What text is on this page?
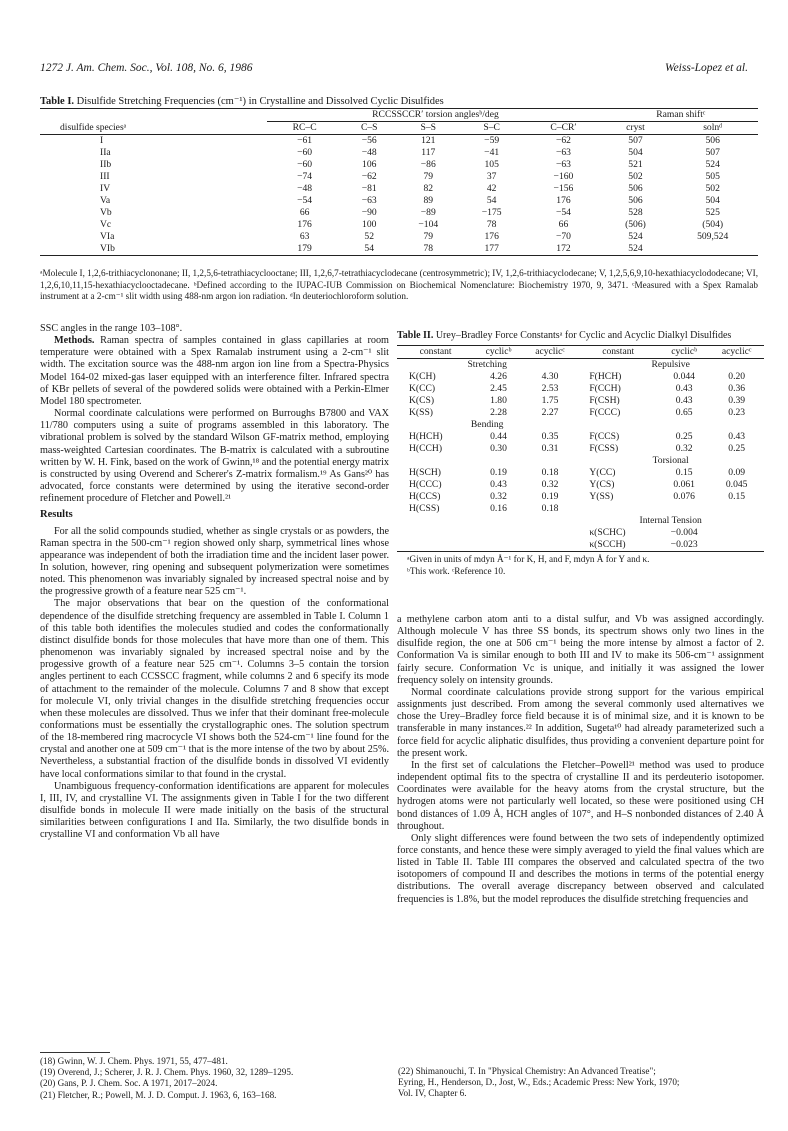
1272 J. Am. Chem. Soc., Vol. 108, No. 6, 1986	Weiss-Lopez et al.
Table I. Disulfide Stretching Frequencies (cm⁻¹) in Crystalline and Dissolved Cyclic Disulfides
	RCCSSCCR′ torsion anglesᵇ/deg					Raman shiftᶜ	
disulfide speciesᵃ	RC–C	C–S	S–S	S–C	C–CR′	cryst	solnᵈ
I	−61	−56	121	−59	−62	507	506
IIa	−60	−48	117	−41	−63	504	507
IIb	−60	106	−86	105	−63	521	524
III	−74	−62	79	37	−160	502	505
IV	−48	−81	82	42	−156	506	502
Va	−54	−63	89	54	176	506	504
Vb	66	−90	−89	−175	−54	528	525
Vc	176	100	−104	78	66	(506)	(504)
VIa	63	52	79	176	−70	524	509,524
VIb	179	54	78	177	172	524	
ᵃMolecule I, 1,2,6-trithiacyclononane; II, 1,2,5,6-tetrathiacyclooctane; III, 1,2,6,7-tetrathiacyclodecane (centrosymmetric); IV, 1,2,6-trithiacyclodecane; V, 1,2,5,6,9,10-hexathiacyclododecane; VI, 1,2,6,10,11,15-hexathiacyclooctadecane. ᵇDefined according to the IUPAC-IUB Commission on Biochemical Nomenclature: Biochemistry 1970, 9, 3471. ᶜMeasured with a Spex Ramalab instrument at a 2-cm⁻¹ slit width using 488-nm argon ion radiation. ᵈIn deuteriochloroform solution.

SSC angles in the range 103–108°.

Methods. Raman spectra of samples contained in glass capillaries at room temperature were obtained with a Spex Ramalab instrument using a 2-cm⁻¹ slit width. The excitation source was the 488-nm argon ion line from a Spectra-Physics Model 164-02 mixed-gas laser equipped with an interference filter. Infrared spectra of KBr pellets of several of the powdered solids were obtained with a Perkin-Elmer Model 180 spectrometer.

Normal coordinate calculations were performed on Burroughs B7800 and VAX 11/780 computers using a suite of programs assembled in this laboratory. The vibrational problem is solved by the standard Wilson GF-matrix method, employing mass-weighted Cartesian coordinates. The B-matrix is calculated with a subroutine written by W. H. Fink, based on the work of Gwinn,¹⁸ and the potential energy matrix is constructed by using Overend and Scherer's Z-matrix formalism.¹⁹ As Gans²⁰ has advocated, force constants were determined by using the iterative second-order refinement procedure of Fletcher and Powell.²¹

Results

For all the solid compounds studied, whether as single crystals or as powders, the Raman spectra in the 500-cm⁻¹ region showed only sharp, symmetrical lines whose appearance was independent of both the irradiation time and the incident laser power. In solution, however, ring opening and subsequent polymerization were sometimes noted. This phenomenon was invariably signaled by increased spectral noise and by the progressive growth of a feature near 525 cm⁻¹.

The major observations that bear on the question of the conformational dependence of the disulfide stretching frequency are assembled in Table I. Column 1 of this table both identifies the molecules studied and codes the conformationally distinct disulfide bonds for those molecules that have more than one of them. This phenomenon was invariably signaled by increased spectral noise and by the progessive growth of a feature near 525 cm⁻¹. Columns 3–5 contain the torsion angles pertinent to each CCSSCC fragment, while columns 2 and 6 specify its mode of attachment to the remainder of the molecule. Columns 7 and 8 show that except for molecule VI, only trivial changes in the disulfide stretching frequencies occur when these molecules are dissolved. Thus we infer that their dominant free-molecule conformations must be essentially the crystallographic ones. The solution spectrum of the 18-membered ring macrocycle VI shows both the 524-cm⁻¹ line found for the crystal and another one at 509 cm⁻¹ that is the more intense of the two by about 25%. Nevertheless, a substantial fraction of the disulfide bonds in dissolved VI evidently have local conformations similar to that found in the crystal.

Unambiguous frequency-conformation identifications are apparent for molecules I, III, IV, and crystalline VI. The assignments given in Table I for the two different disulfide bonds in molecule II were made initially on the basis of the structural similarities between configurations I and IIa. Similarly, the two disulfide bonds in crystalline VI and conformation Vb all have

Table II. Urey–Bradley Force Constantsᵃ for Cyclic and Acyclic Dialkyl Disulfides
constant	cyclicᵇ	acyclicᶜ	constant	cyclicᵇ	acyclicᶜ
Stretching			Repulsive		
K(CH)	4.26	4.30	F(HCH)	0.044	0.20
K(CC)	2.45	2.53	F(CCH)	0.43	0.36
K(CS)	1.80	1.75	F(CSH)	0.43	0.39
K(SS)	2.28	2.27	F(CCC)	0.65	0.23
Bending					
H(HCH)	0.44	0.35	F(CCS)	0.25	0.43
H(CCH)	0.30	0.31	F(CSS)	0.32	0.25
			Torsional		
H(SCH)	0.19	0.18	Y(CC)	0.15	0.09
H(CCC)	0.43	0.32	Y(CS)	0.061	0.045
H(CCS)	0.32	0.19	Y(SS)	0.076	0.15
H(CSS)	0.16	0.18			
			Internal Tension		
			κ(SCHC)	−0.004	
			κ(SCCH)	−0.023	
ᵃGiven in units of mdyn Å⁻¹ for K, H, and F, mdyn Å for Y and κ.
ᵇThis work. ᶜReference 10.

a methylene carbon atom anti to a distal sulfur, and Vb was assigned accordingly. Although molecule V has three SS bonds, its spectrum shows only two lines in the disulfide region, the one at 506 cm⁻¹ being the more intense by almost a factor of 2. Conformation Va is similar enough to both III and IV to make its 506-cm⁻¹ assignment fairly secure. Conformation Vc is unique, and initially it was assigned the lower frequency solely on intensity grounds.

Normal coordinate calculations provide strong support for the various empirical assignments just described. From among the several commonly used alternatives we chose the Urey–Bradley force field because it is of minimal size, and it is known to be transferable in many instances.²² In addition, Sugeta¹⁰ had already parameterized such a force field for acyclic aliphatic disulfides, thus providing a convenient departure point for the present work.

In the first set of calculations the Fletcher–Powell²¹ method was used to produce independent optimal fits to the spectra of crystalline II and its perdeuterio isotopomer. Coordinates were available for the heavy atoms from the crystal structure, but the hydrogen atoms were not particularly well located, so these were positioned using CH bond distances of 1.09 Å, HCH angles of 107°, and H–S nonbonded distances of 2.40 Å throughout.

Only slight differences were found between the two sets of independently optimized force constants, and hence these were simply averaged to yield the final values which are listed in Table II. Table III compares the observed and calculated spectra of the two isotopomers of compound II and describes the motions in terms of the potential energy distributions. The overall average discrepancy between observed and calculated frequencies is 1.8%, but the model reproduces the disulfide stretching frequencies and

(18) Gwinn, W. J. Chem. Phys. 1971, 55, 477–481.
(19) Overend, J.; Scherer, J. R. J. Chem. Phys. 1960, 32, 1289–1295.
(20) Gans, P. J. Chem. Soc. A 1971, 2017–2024.
(21) Fletcher, R.; Powell, M. J. D. Comput. J. 1963, 6, 163–168.
(22) Shimanouchi, T. In "Physical Chemistry: An Advanced Treatise";
Eyring, H., Henderson, D., Jost, W., Eds.; Academic Press: New York, 1970;
Vol. IV, Chapter 6.
